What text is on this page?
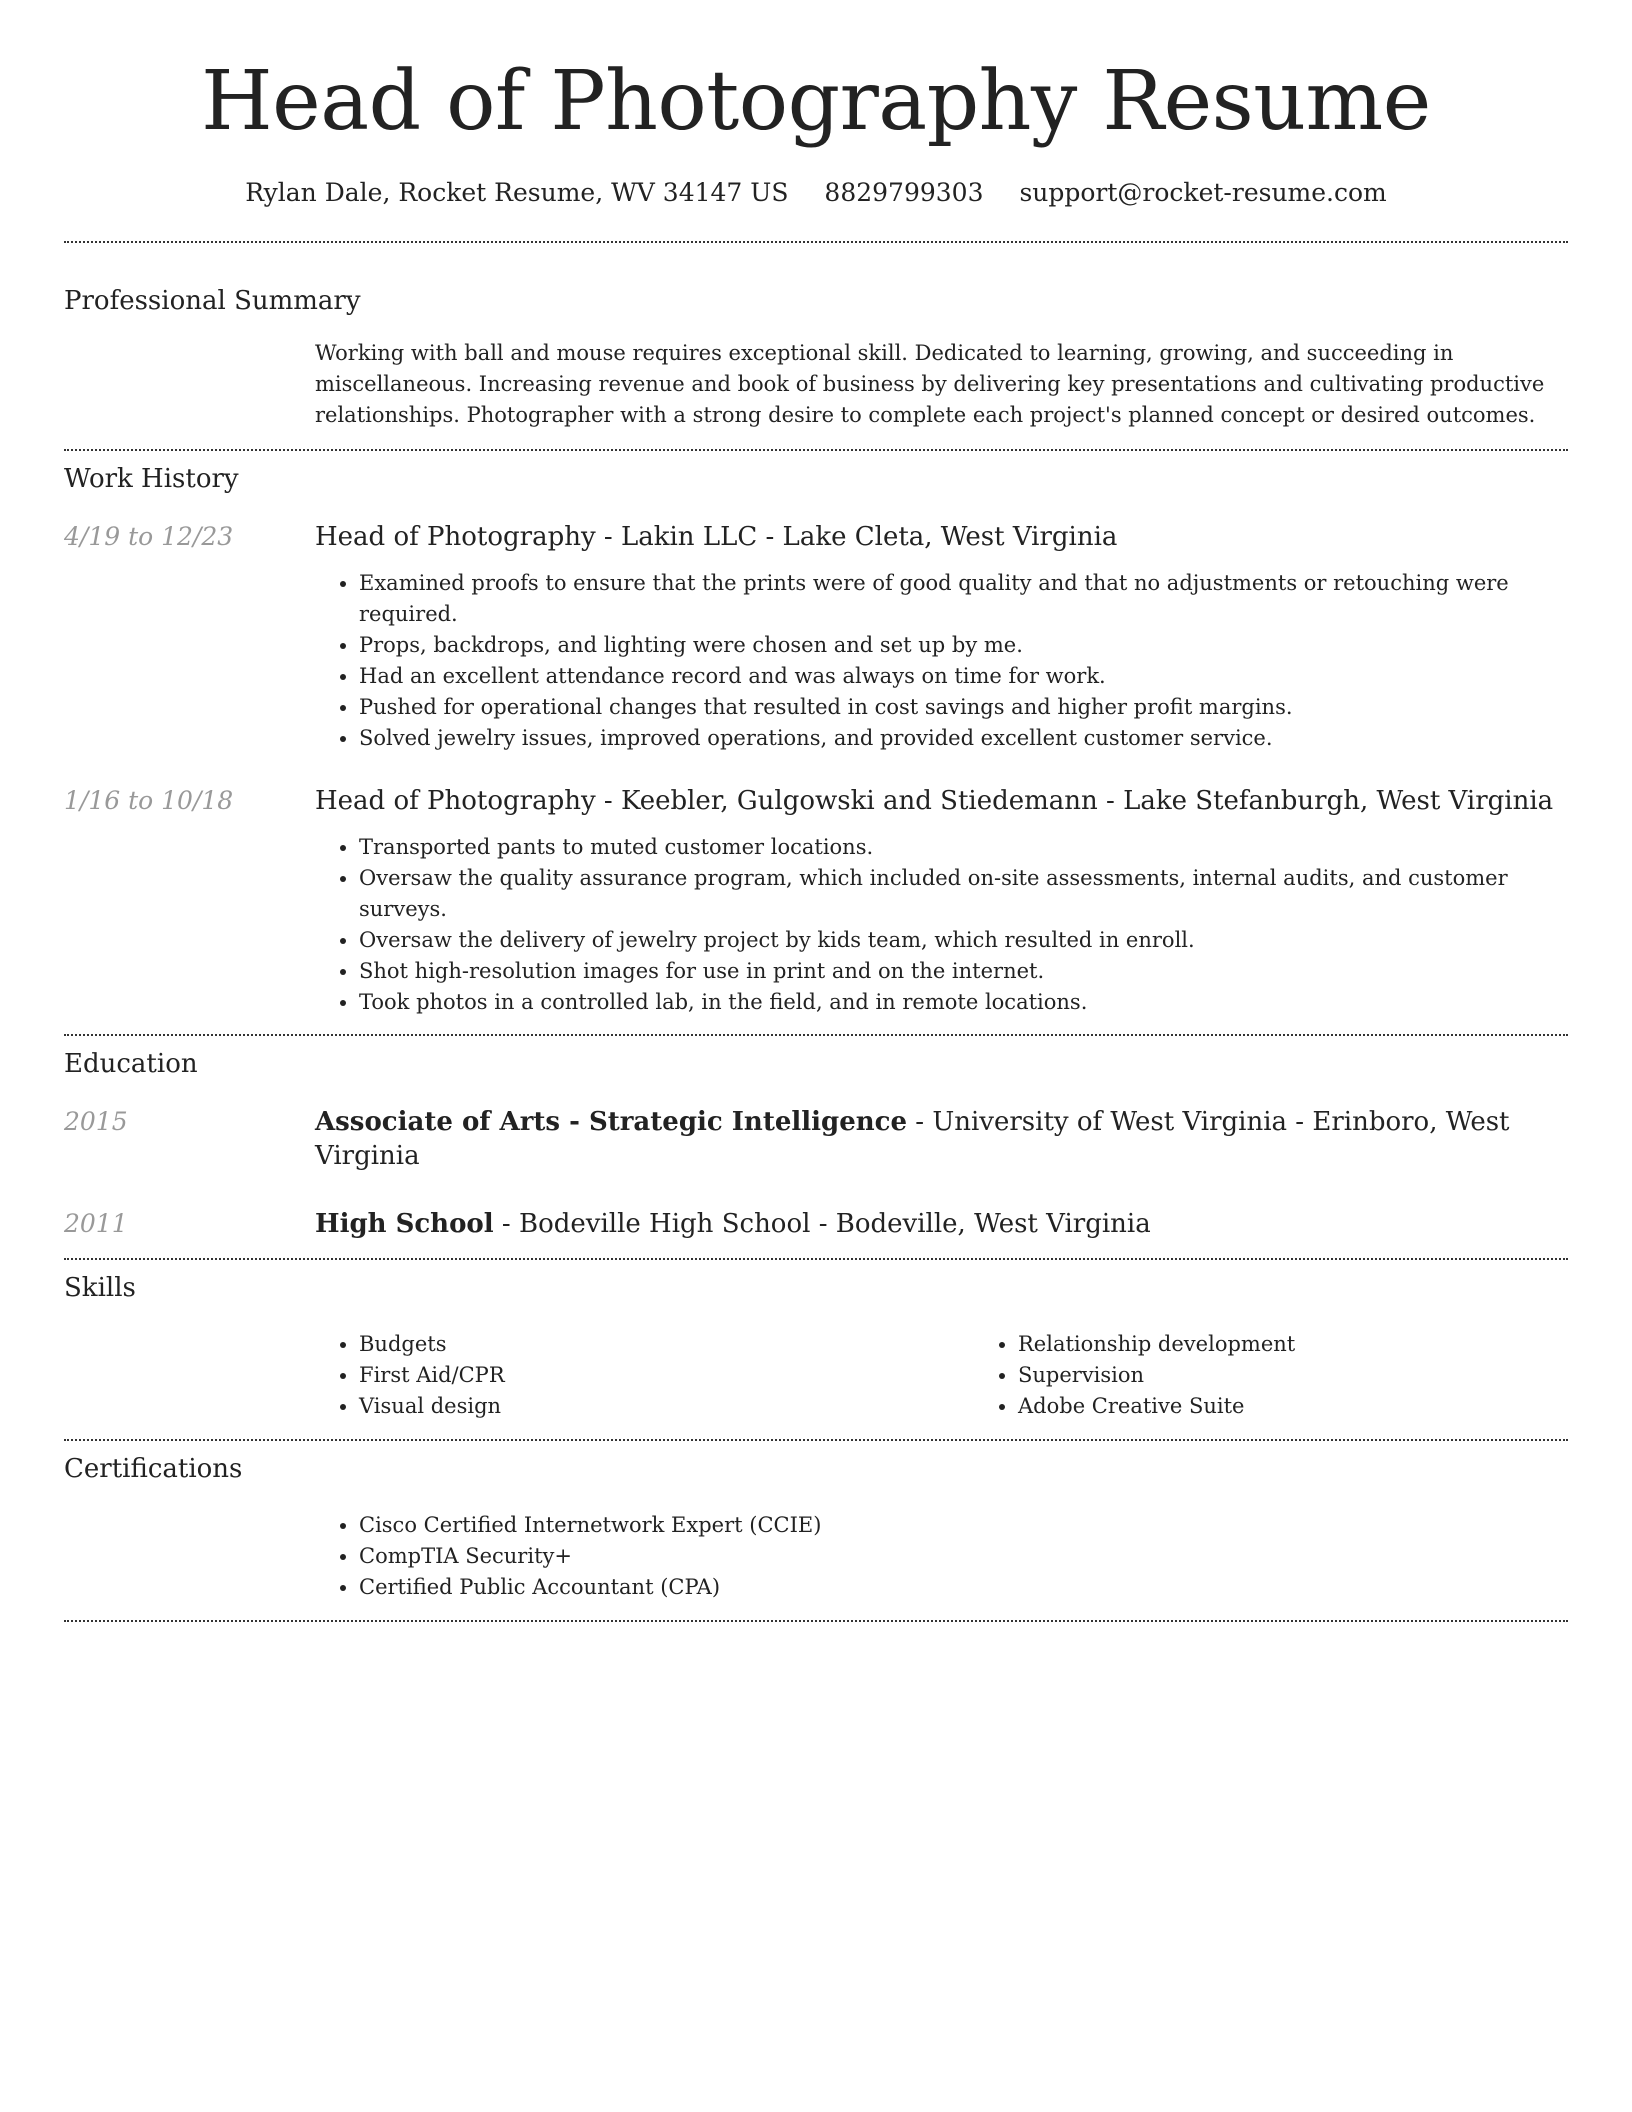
Head of Photography Resume
Rylan Dale, Rocket Resume, WV 34147 US 8829799303 support@rocket-resume.com
Professional Summary

Working with ball and mouse requires exceptional skill. Dedicated to learning, growing, and succeeding in miscellaneous. Increasing revenue and book of business by delivering key presentations and cultivating productive relationships. Photographer with a strong desire to complete each project's planned concept or desired outcomes.

Work History
4/19 to 12/23	Head of Photography - Lakin LLC - Lake Cleta, West Virginia
• Examined proofs to ensure that the prints were of good quality and that no adjustments or retouching were required.
• Props, backdrops, and lighting were chosen and set up by me.
• Had an excellent attendance record and was always on time for work.
• Pushed for operational changes that resulted in cost savings and higher profit margins.
• Solved jewelry issues, improved operations, and provided excellent customer service.
1/16 to 10/18	Head of Photography - Keebler, Gulgowski and Stiedemann - Lake Stefanburgh, West Virginia
• Transported pants to muted customer locations.
• Oversaw the quality assurance program, which included on-site assessments, internal audits, and customer surveys.
• Oversaw the delivery of jewelry project by kids team, which resulted in enroll.
• Shot high-resolution images for use in print and on the internet.
• Took photos in a controlled lab, in the field, and in remote locations.
Education
2015	Associate of Arts - Strategic Intelligence - University of West Virginia - Erinboro, West Virginia
2011	High School - Bodeville High School - Bodeville, West Virginia
Skills
• Budgets
• First Aid/CPR
• Visual design
• Relationship development
• Supervision
• Adobe Creative Suite
Certifications
• Cisco Certified Internetwork Expert (CCIE)
• CompTIA Security+
• Certified Public Accountant (CPA)
